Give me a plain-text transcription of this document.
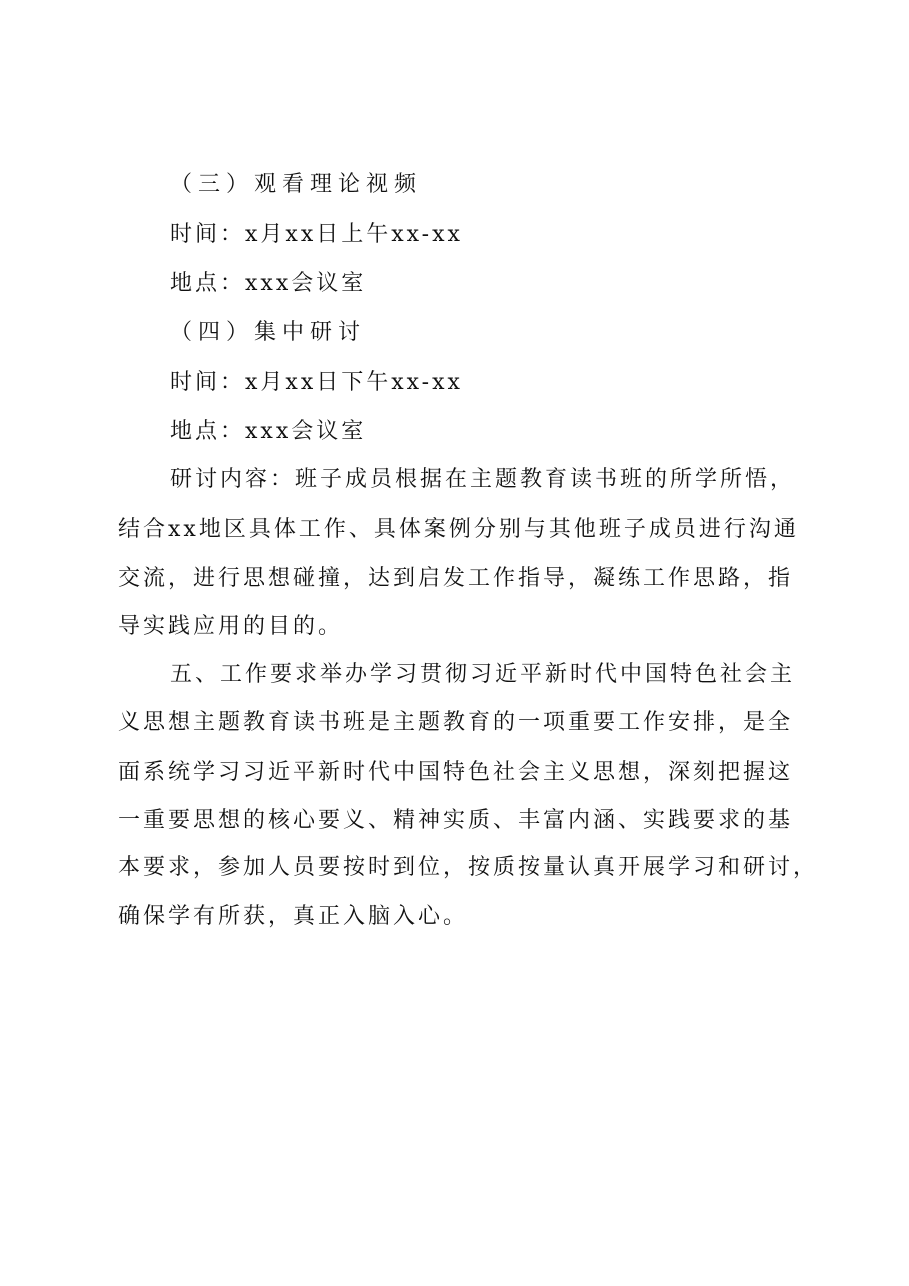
（三）观看理论视频
时间：x月xx日上午xx-xx
地点：xxx会议室
（四）集中研讨
时间：x月xx日下午xx-xx
地点：xxx会议室
研讨内容：班子成员根据在主题教育读书班的所学所悟，
结合xx地区具体工作、具体案例分别与其他班子成员进行沟通
交流，进行思想碰撞，达到启发工作指导，凝练工作思路，指
导实践应用的目的。
五、工作要求举办学习贯彻习近平新时代中国特色社会主
义思想主题教育读书班是主题教育的一项重要工作安排，是全
面系统学习习近平新时代中国特色社会主义思想，深刻把握这
一重要思想的核心要义、精神实质、丰富内涵、实践要求的基
本要求，参加人员要按时到位，按质按量认真开展学习和研讨，
确保学有所获，真正入脑入心。
